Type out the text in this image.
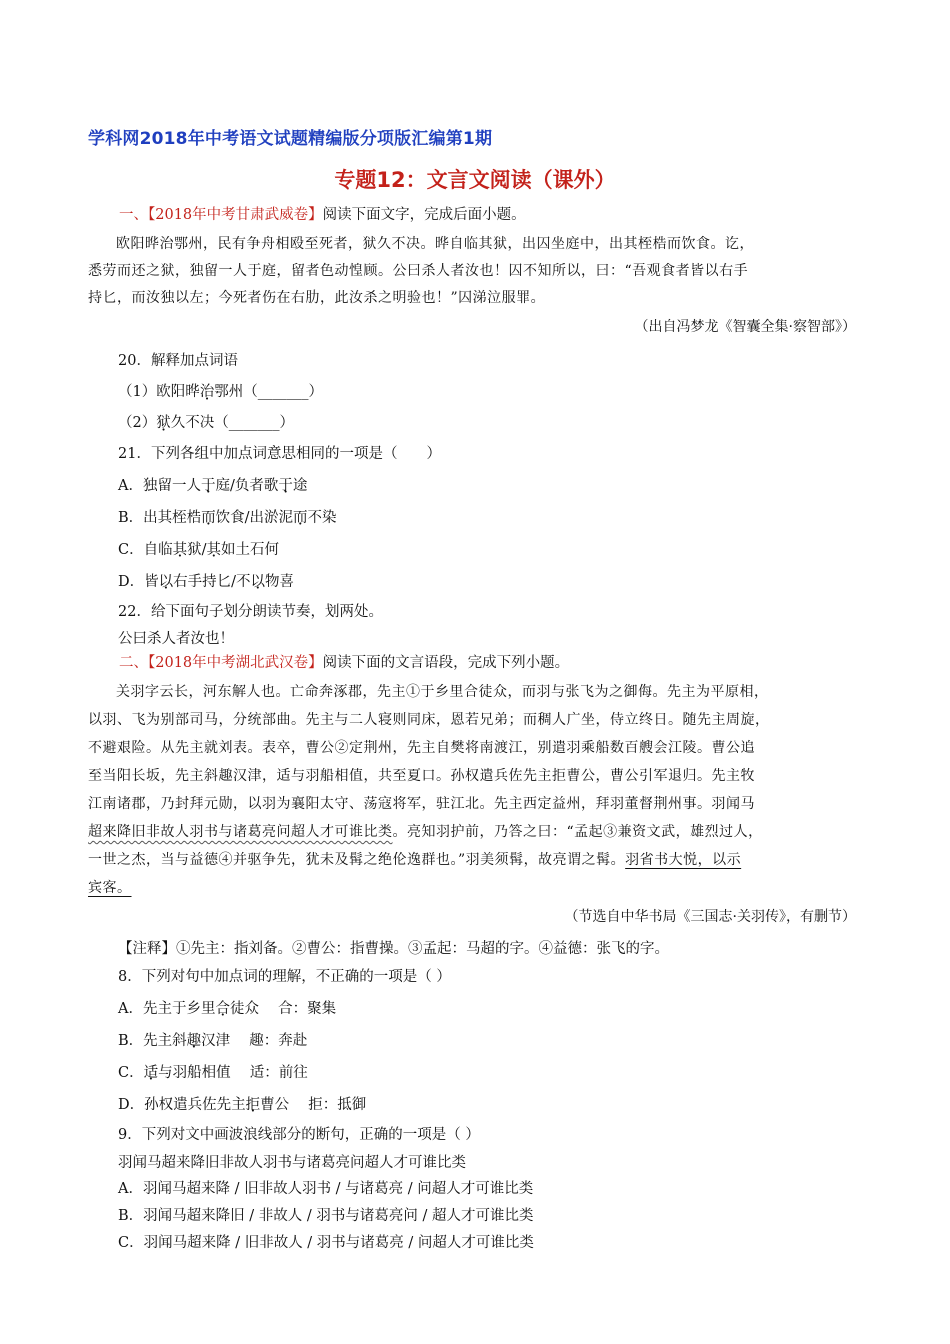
学科网2018年中考语文试题精编版分项版汇编第1期
专题12：文言文阅读（课外）
一、【2018年中考甘肃武威卷】阅读下面文字，完成后面小题。

欧阳晔治鄂州，民有争舟相殴至死者，狱久不决。晔自临其狱，出囚坐庭中，出其桎梏而饮食。讫，

悉劳而还之狱，独留一人于庭，留者色动惶顾。公曰杀人者汝也！囚不知所以，曰：“吾观食者皆以右手

持匕，而汝独以左；今死者伤在右肋，此汝杀之明验也！”囚涕泣服罪。

（出自冯梦龙《智囊全集·察智部》）
20．解释加点词语
（1）欧阳晔治鄂州（_______）
（2）狱久不决（_______）
21．下列各组中加点词意思相同的一项是（　　）
A．独留一人于庭/负者歌于途
B．出其桎梏而饮食/出淤泥而不染
C．自临其狱/其如土石何
D．皆以右手持匕/不以物喜
22．给下面句子划分朗读节奏，划两处。
公曰杀人者汝也！
二、【2018年中考湖北武汉卷】阅读下面的文言语段，完成下列小题。

关羽字云长，河东解人也。亡命奔涿郡，先主①于乡里合徒众，而羽与张飞为之御侮。先主为平原相，

以羽、飞为别部司马，分统部曲。先主与二人寝则同床，恩若兄弟；而稠人广坐，侍立终日。随先主周旋，

不避艰险。从先主就刘表。表卒，曹公②定荆州，先主自樊将南渡江，别遣羽乘船数百艘会江陵。曹公追

至当阳长坂，先主斜趣汉津，适与羽船相值，共至夏口。孙权遣兵佐先主拒曹公，曹公引军退归。先主牧

江南诸郡，乃封拜元勋，以羽为襄阳太守、荡寇将军，驻江北。先主西定益州，拜羽董督荆州事。羽闻马

超来降旧非故人羽书与诸葛亮问超人才可谁比类。亮知羽护前，乃答之曰：“孟起③兼资文武，雄烈过人，

一世之杰，当与益德④并驱争先，犹未及髯之绝伦逸群也。”羽美须髯，故亮谓之髯。羽省书大悦，以示

宾客。

（节选自中华书局《三国志·关羽传》，有删节）
【注释】①先主：指刘备。②曹公：指曹操。③孟起：马超的字。④益德：张飞的字。
8．下列对句中加点词的理解，不正确的一项是（ ）
A．先主于乡里合徒众　 合：聚集
B．先主斜趣汉津　 趣：奔赴
C．适与羽船相值　 适：前往
D．孙权遣兵佐先主拒曹公　 拒：抵御
9．下列对文中画波浪线部分的断句，正确的一项是（ ）
羽闻马超来降旧非故人羽书与诸葛亮问超人才可谁比类
A．羽闻马超来降 / 旧非故人羽书 / 与诸葛亮 / 问超人才可谁比类
B．羽闻马超来降旧 / 非故人 / 羽书与诸葛亮问 / 超人才可谁比类
C．羽闻马超来降 / 旧非故人 / 羽书与诸葛亮 / 问超人才可谁比类
